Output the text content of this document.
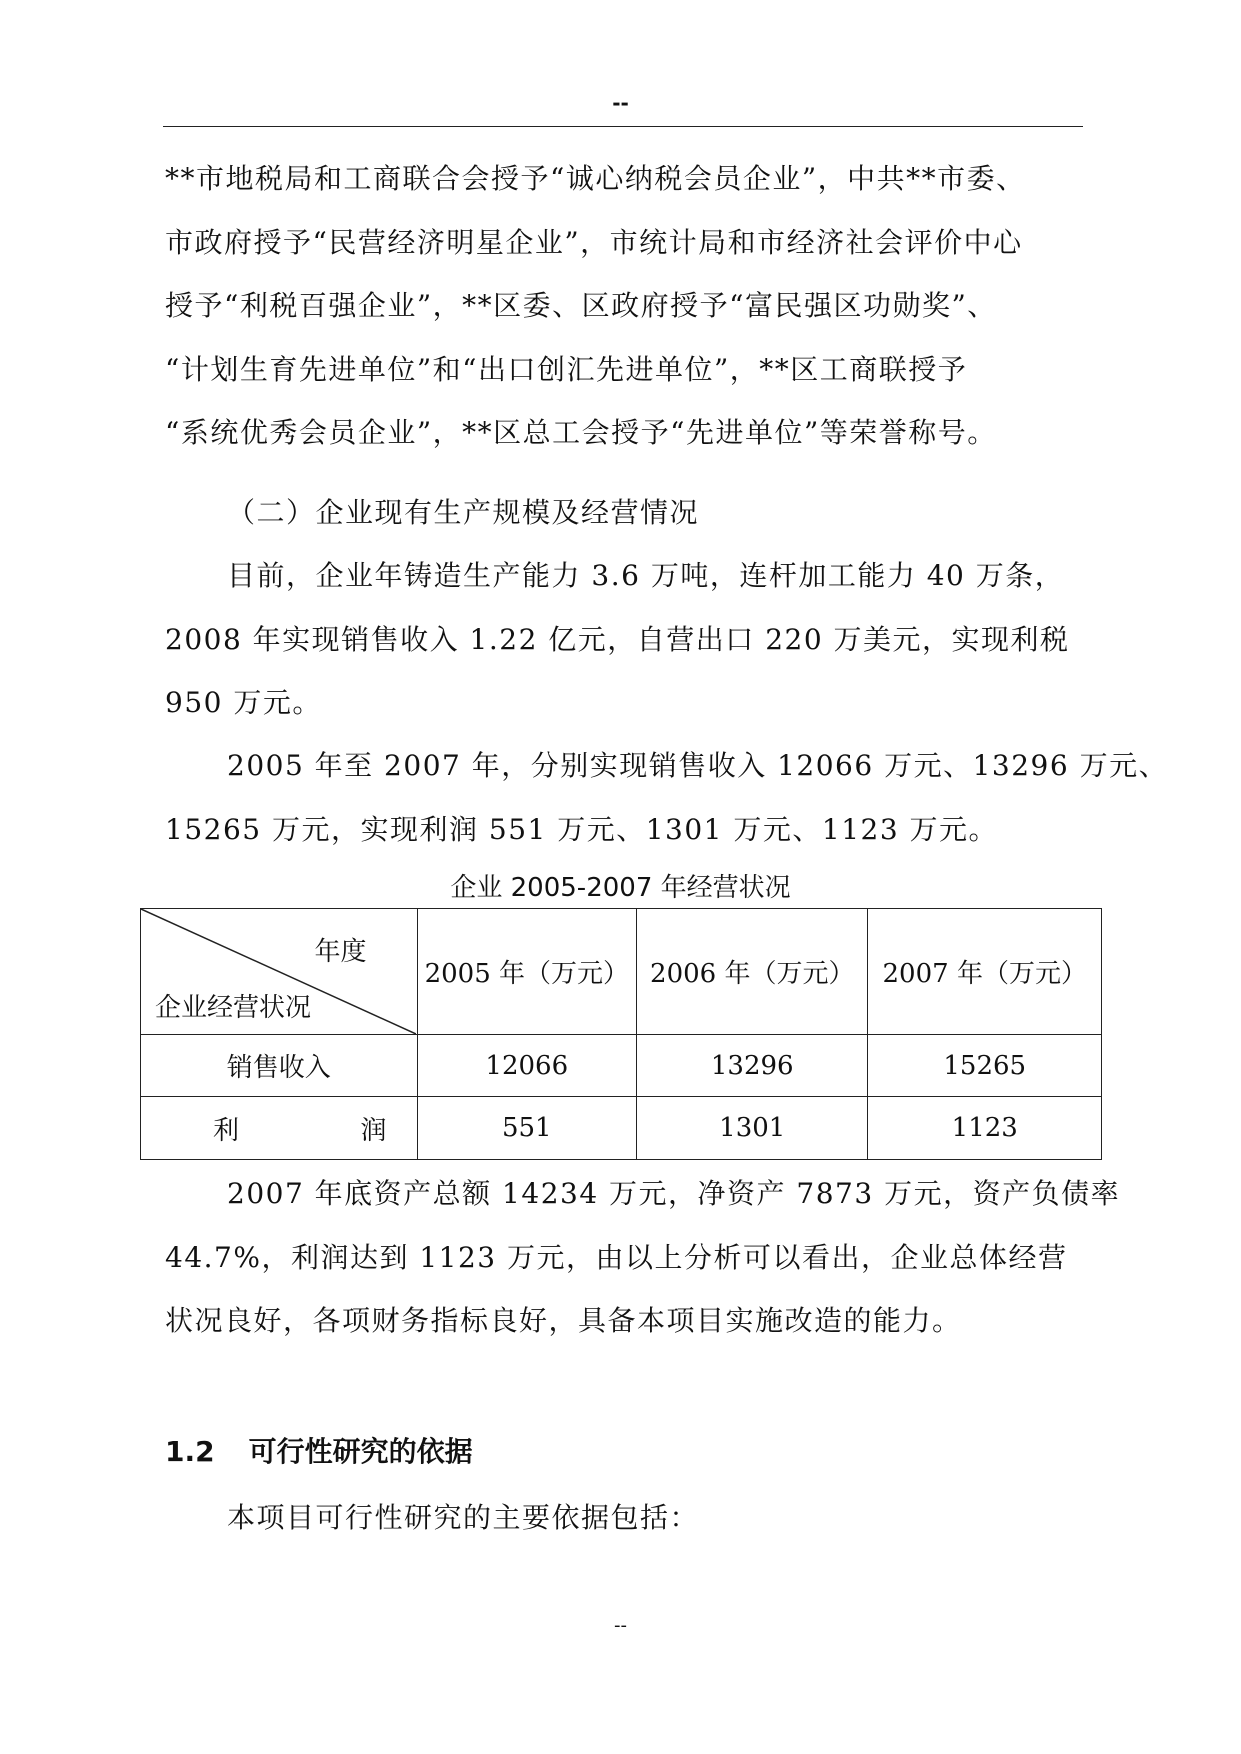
--
**市地税局和工商联合会授予“诚心纳税会员企业”，中共**市委、
市政府授予“民营经济明星企业”，市统计局和市经济社会评价中心
授予“利税百强企业”，**区委、区政府授予“富民强区功勋奖”、
“计划生育先进单位”和“出口创汇先进单位”，**区工商联授予
“系统优秀会员企业”，**区总工会授予“先进单位”等荣誉称号。
（二）企业现有生产规模及经营情况
目前，企业年铸造生产能力 3.6 万吨，连杆加工能力 40 万条，
2008 年实现销售收入 1.22 亿元，自营出口 220 万美元，实现利税
950 万元。
2005 年至 2007 年，分别实现销售收入 12066 万元、13296 万元、
15265 万元，实现利润 551 万元、1301 万元、1123 万元。
企业 2005-2007 年经营状况
年度
企业经营状况	2005 年（万元）	2006 年（万元）	2007 年（万元）
销售收入	12066	13296	15265

利 润	551	1301	1123
2007 年底资产总额 14234 万元，净资产 7873 万元，资产负债率
44.7%，利润达到 1123 万元，由以上分析可以看出，企业总体经营
状况良好，各项财务指标良好，具备本项目实施改造的能力。
1.2 可行性研究的依据
本项目可行性研究的主要依据包括：
--
